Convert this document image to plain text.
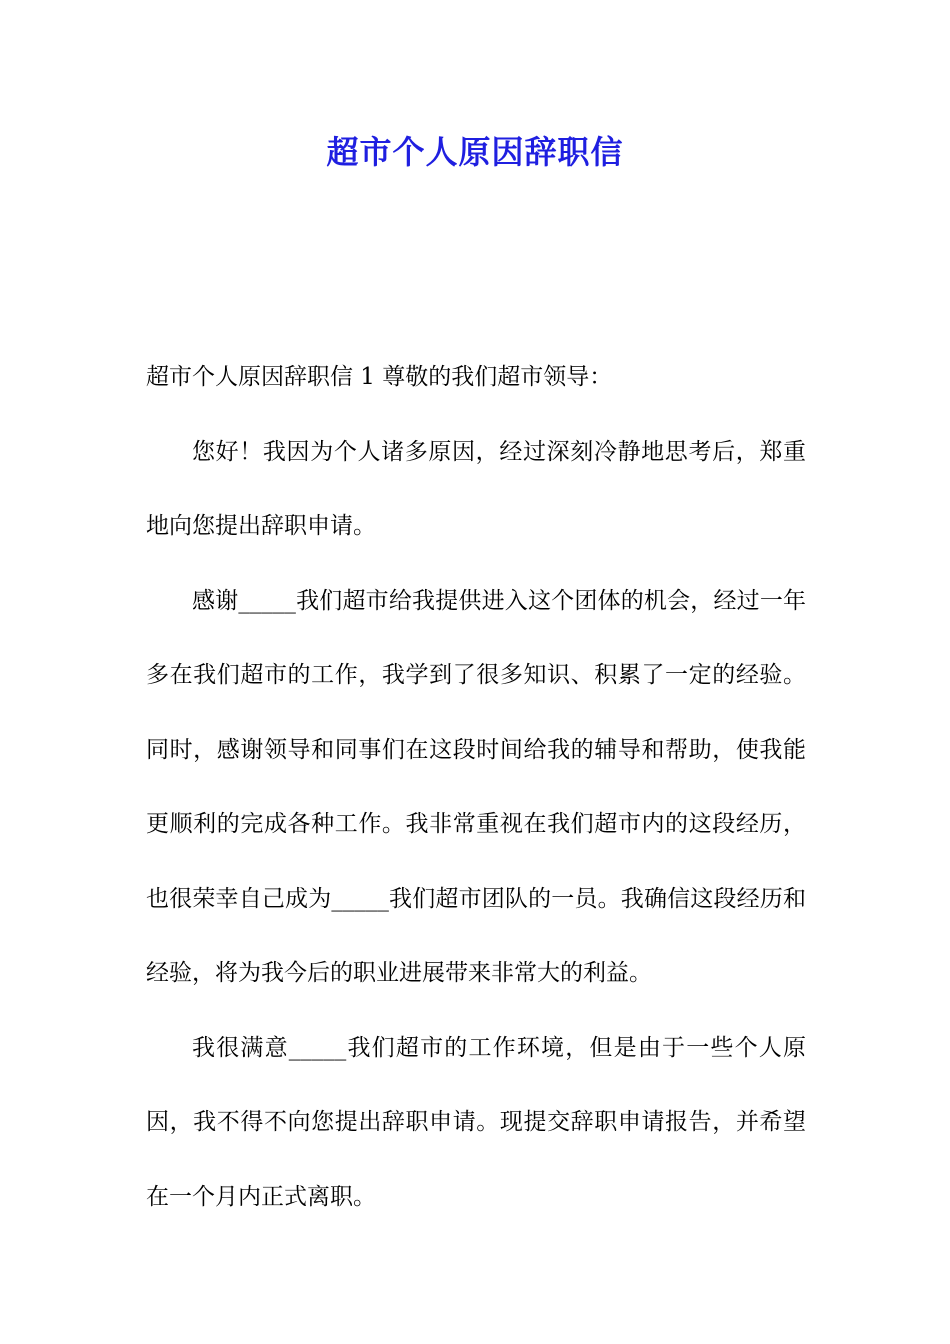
超市个人原因辞职信

超市个人原因辞职信 1 尊敬的我们超市领导：

您好！我因为个人诸多原因，经过深刻冷静地思考后，郑重地向您提出辞职申请。

感谢_____我们超市给我提供进入这个团体的机会，经过一年多在我们超市的工作，我学到了很多知识、积累了一定的经验。同时，感谢领导和同事们在这段时间给我的辅导和帮助，使我能更顺利的完成各种工作。我非常重视在我们超市内的这段经历，也很荣幸自己成为_____我们超市团队的一员。我确信这段经历和经验，将为我今后的职业进展带来非常大的利益。

我很满意_____我们超市的工作环境，但是由于一些个人原因，我不得不向您提出辞职申请。现提交辞职申请报告，并希望在一个月内正式离职。
